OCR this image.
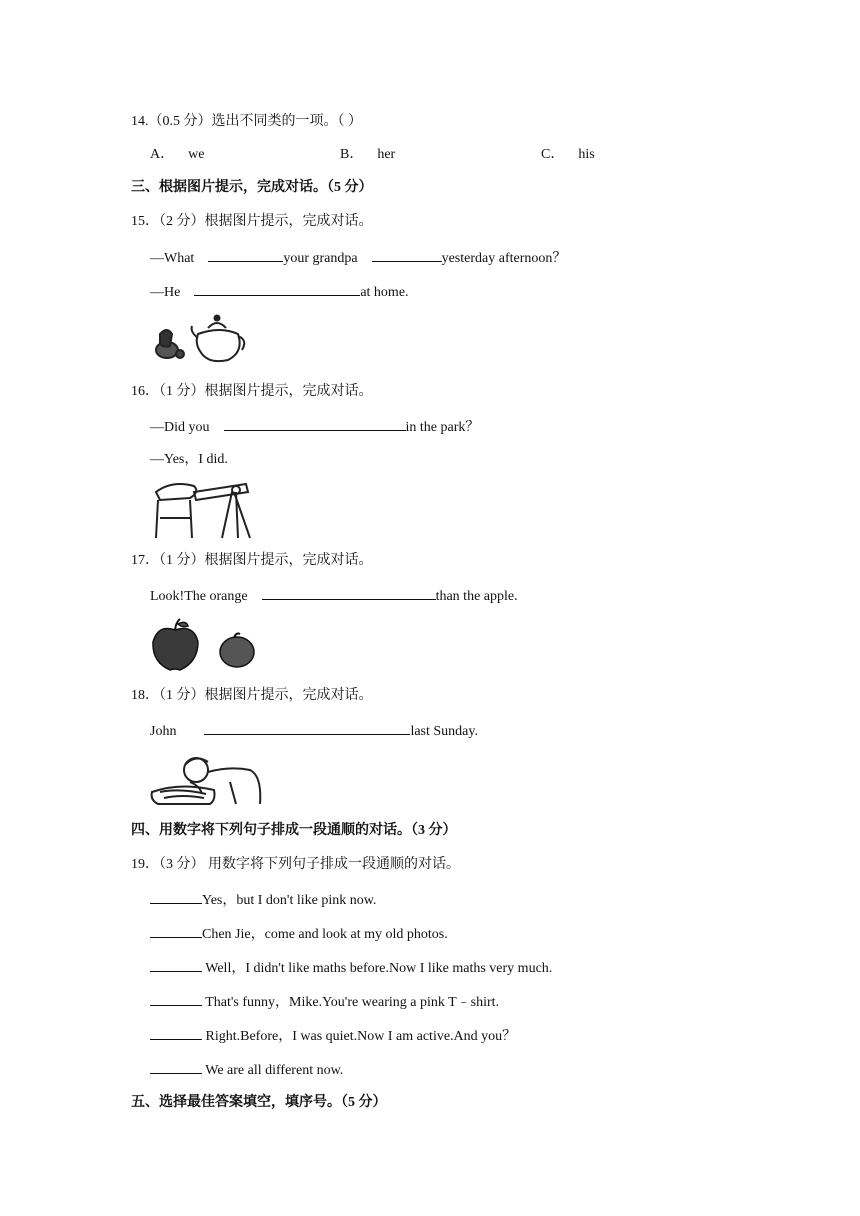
14.（0.5 分）选出不同类的一项。（ ）
A． we	B． her	C． his
三、根据图片提示，完成对话。（5 分）
15．（2 分）根据图片提示，完成对话。
—What	your grandpa	yesterday afternoon？
—He	at home.
16．（1 分）根据图片提示，完成对话。
—Did you	in the park？
—Yes，I did.
17．（1 分）根据图片提示，完成对话。
Look!The orange	than the apple.
18．（1 分）根据图片提示，完成对话。
John	last Sunday.
四、用数字将下列句子排成一段通顺的对话。（3 分）
19．（3 分） 用数字将下列句子排成一段通顺的对话。
Yes，but I don't like pink now.
Chen Jie，come and look at my old photos.
Well，I didn't like maths before.Now I like maths very much.
That's funny，Mike.You're wearing a pink T﹣shirt.
Right.Before，I was quiet.Now I am active.And you？
We are all different now.
五、选择最佳答案填空，填序号。（5 分）
